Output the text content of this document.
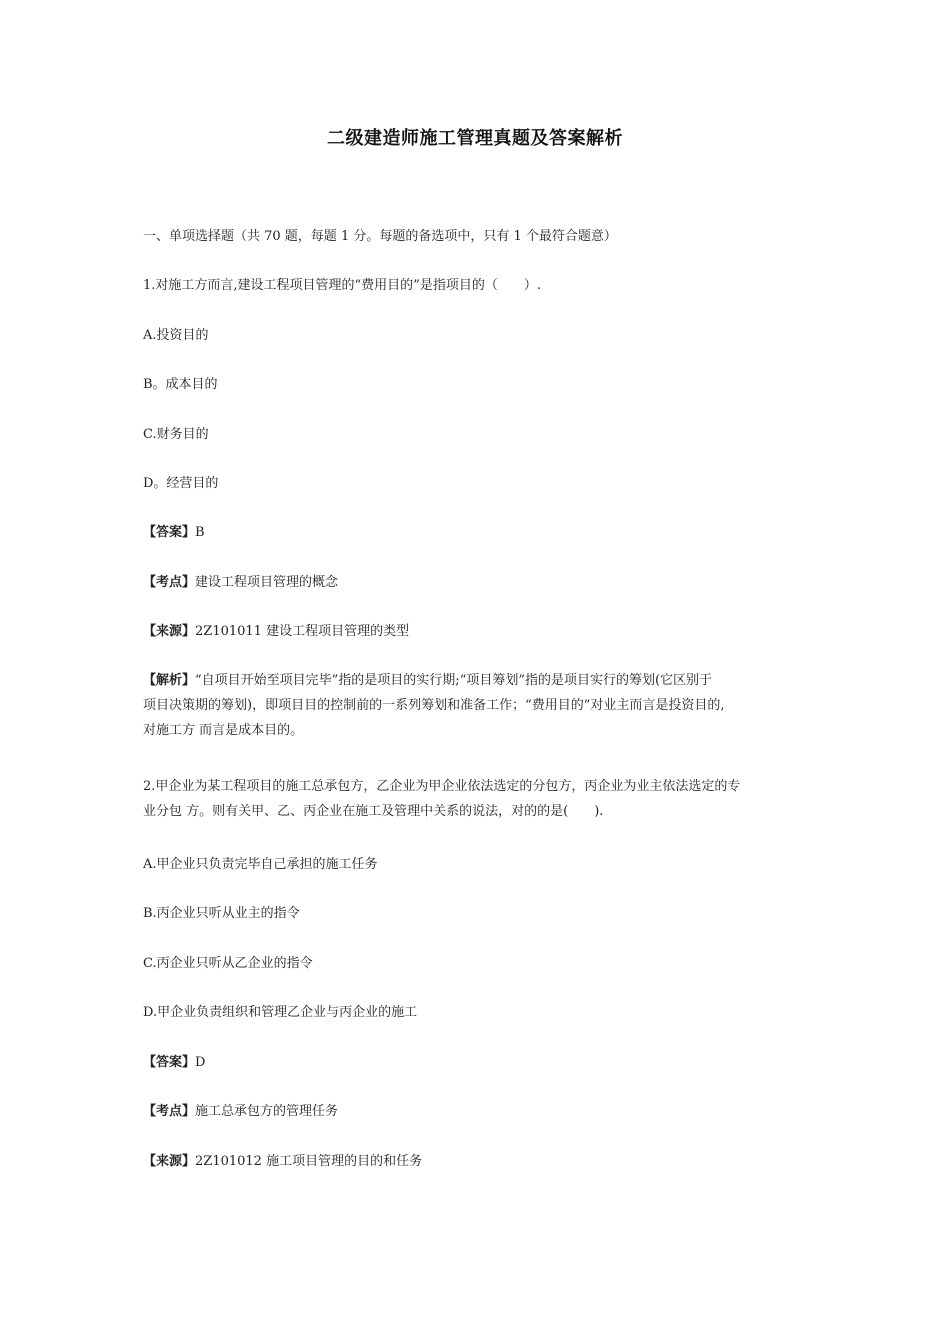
二级建造师施工管理真题及答案解析
一、单项选择题（共 70 题，每题 1 分。每题的备选项中，只有 1 个最符合题意）
1.对施工方而言,建设工程项目管理的“费用目的”是指项目的（　　）.
A.投资目的
B。成本目的
C.财务目的
D。经营目的
【答案】B
【考点】建设工程项目管理的概念
【来源】2Z101011 建设工程项目管理的类型
【解析】“自项目开始至项目完毕”指的是项目的实行期;“项目筹划”指的是项目实行的筹划(它区别于
项目决策期的筹划)，即项目目的控制前的一系列筹划和准备工作；“费用目的”对业主而言是投资目的,
对施工方 而言是成本目的。
2.甲企业为某工程项目的施工总承包方，乙企业为甲企业依法选定的分包方，丙企业为业主依法选定的专
业分包 方。则有关甲、乙、丙企业在施工及管理中关系的说法，对的的是(　　).
A.甲企业只负责完毕自己承担的施工任务
B.丙企业只听从业主的指令
C.丙企业只听从乙企业的指令
D.甲企业负责组织和管理乙企业与丙企业的施工
【答案】D
【考点】施工总承包方的管理任务
【来源】2Z101012 施工项目管理的目的和任务
